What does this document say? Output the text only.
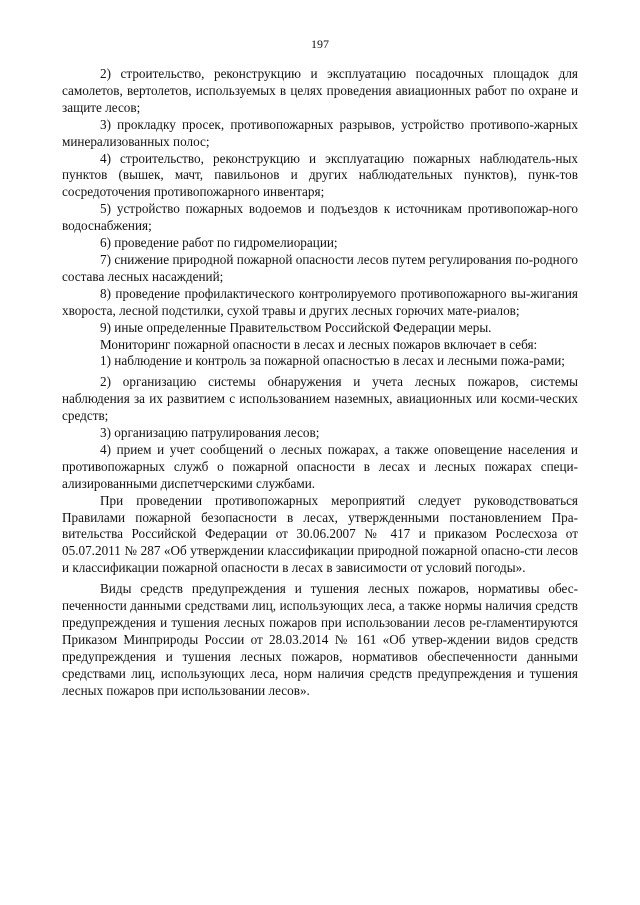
197

2) строительство, реконструкцию и эксплуатацию посадочных площадок для самолетов, вертолетов, используемых в целях проведения авиационных работ по охране и защите лесов;

3) прокладку просек, противопожарных разрывов, устройство противопо-жарных минерализованных полос;

4) строительство, реконструкцию и эксплуатацию пожарных наблюдатель-ных пунктов (вышек, мачт, павильонов и других наблюдательных пунктов), пунк-тов сосредоточения противопожарного инвентаря;

5) устройство пожарных водоемов и подъездов к источникам противопожар-ного водоснабжения;

6) проведение работ по гидромелиорации;

7) снижение природной пожарной опасности лесов путем регулирования по-родного состава лесных насаждений;

8) проведение профилактического контролируемого противопожарного вы-жигания хвороста, лесной подстилки, сухой травы и других лесных горючих мате-риалов;

9) иные определенные Правительством Российской Федерации меры.

Мониторинг пожарной опасности в лесах и лесных пожаров включает в себя:

1) наблюдение и контроль за пожарной опасностью в лесах и лесными пожа-рами;

2) организацию системы обнаружения и учета лесных пожаров, системы наблюдения за их развитием с использованием наземных, авиационных или косми-ческих средств;

3) организацию патрулирования лесов;

4) прием и учет сообщений о лесных пожарах, а также оповещение населения и противопожарных служб о пожарной опасности в лесах и лесных пожарах специ-ализированными диспетчерскими службами.

При проведении противопожарных мероприятий следует руководствоваться Правилами пожарной безопасности в лесах, утвержденными постановлением Пра-вительства Российской Федерации от 30.06.2007 № 417 и приказом Рослесхоза от 05.07.2011 № 287 «Об утверждении классификации природной пожарной опасно-сти лесов и классификации пожарной опасности в лесах в зависимости от условий погоды».

Виды средств предупреждения и тушения лесных пожаров, нормативы обес-печенности данными средствами лиц, использующих леса, а также нормы наличия средств предупреждения и тушения лесных пожаров при использовании лесов ре-гламентируются Приказом Минприроды России от 28.03.2014 № 161 «Об утвер-ждении видов средств предупреждения и тушения лесных пожаров, нормативов обеспеченности данными средствами лиц, использующих леса, норм наличия средств предупреждения и тушения лесных пожаров при использовании лесов».
